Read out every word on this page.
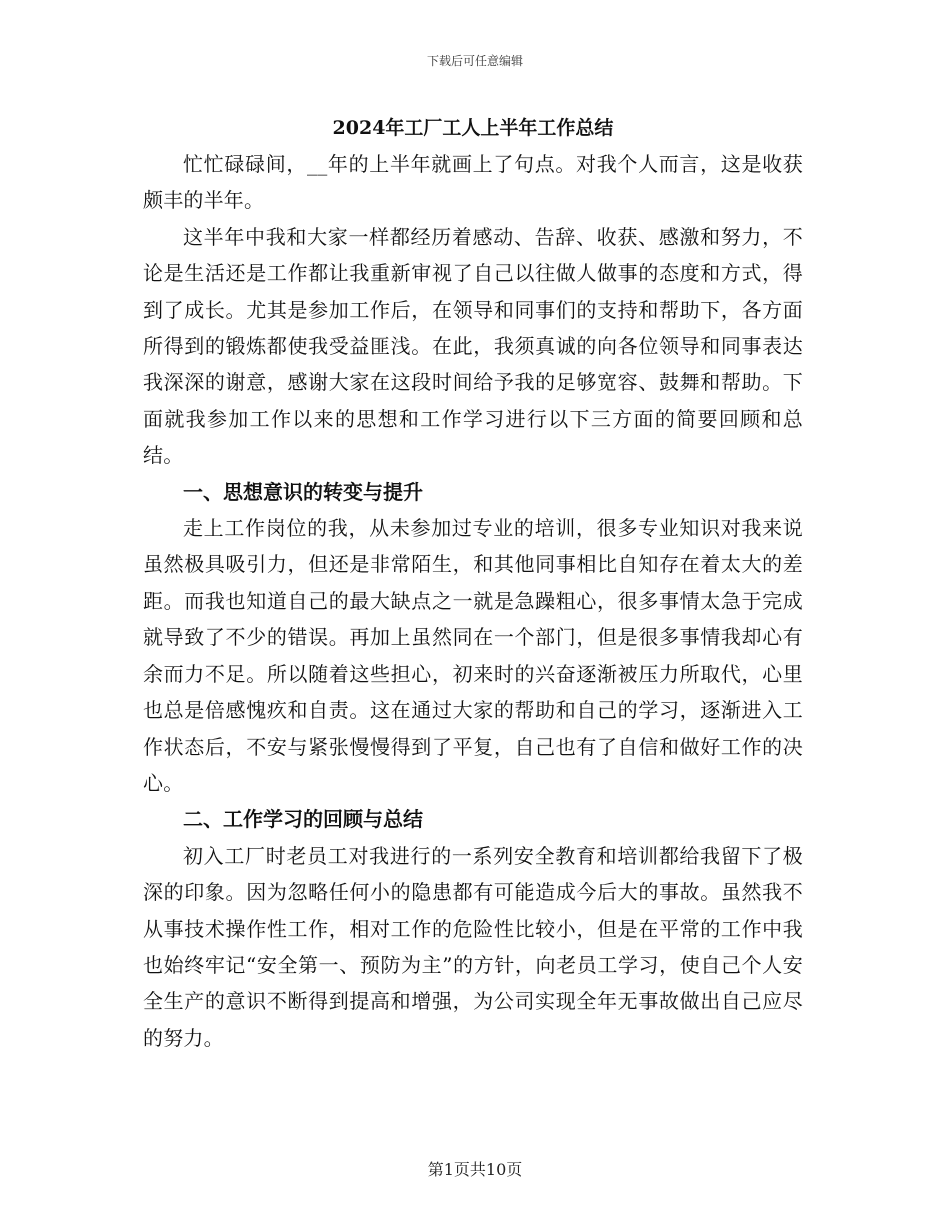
下载后可任意编辑
2024年工厂工人上半年工作总结

忙忙碌碌间，__年的上半年就画上了句点。对我个人而言，这是收获颇丰的半年。

这半年中我和大家一样都经历着感动、告辞、收获、感激和努力，不论是生活还是工作都让我重新审视了自己以往做人做事的态度和方式，得到了成长。尤其是参加工作后，在领导和同事们的支持和帮助下，各方面所得到的锻炼都使我受益匪浅。在此，我须真诚的向各位领导和同事表达我深深的谢意，感谢大家在这段时间给予我的足够宽容、鼓舞和帮助。下面就我参加工作以来的思想和工作学习进行以下三方面的简要回顾和总结。

一、思想意识的转变与提升

走上工作岗位的我，从未参加过专业的培训，很多专业知识对我来说虽然极具吸引力，但还是非常陌生，和其他同事相比自知存在着太大的差距。而我也知道自己的最大缺点之一就是急躁粗心，很多事情太急于完成就导致了不少的错误。再加上虽然同在一个部门，但是很多事情我却心有余而力不足。所以随着这些担心，初来时的兴奋逐渐被压力所取代，心里也总是倍感愧疚和自责。这在通过大家的帮助和自己的学习，逐渐进入工作状态后，不安与紧张慢慢得到了平复，自己也有了自信和做好工作的决心。

二、工作学习的回顾与总结

初入工厂时老员工对我进行的一系列安全教育和培训都给我留下了极深的印象。因为忽略任何小的隐患都有可能造成今后大的事故。虽然我不从事技术操作性工作，相对工作的危险性比较小，但是在平常的工作中我也始终牢记“安全第一、预防为主”的方针，向老员工学习，使自己个人安全生产的意识不断得到提高和增强，为公司实现全年无事故做出自己应尽的努力。

第1页共10页
